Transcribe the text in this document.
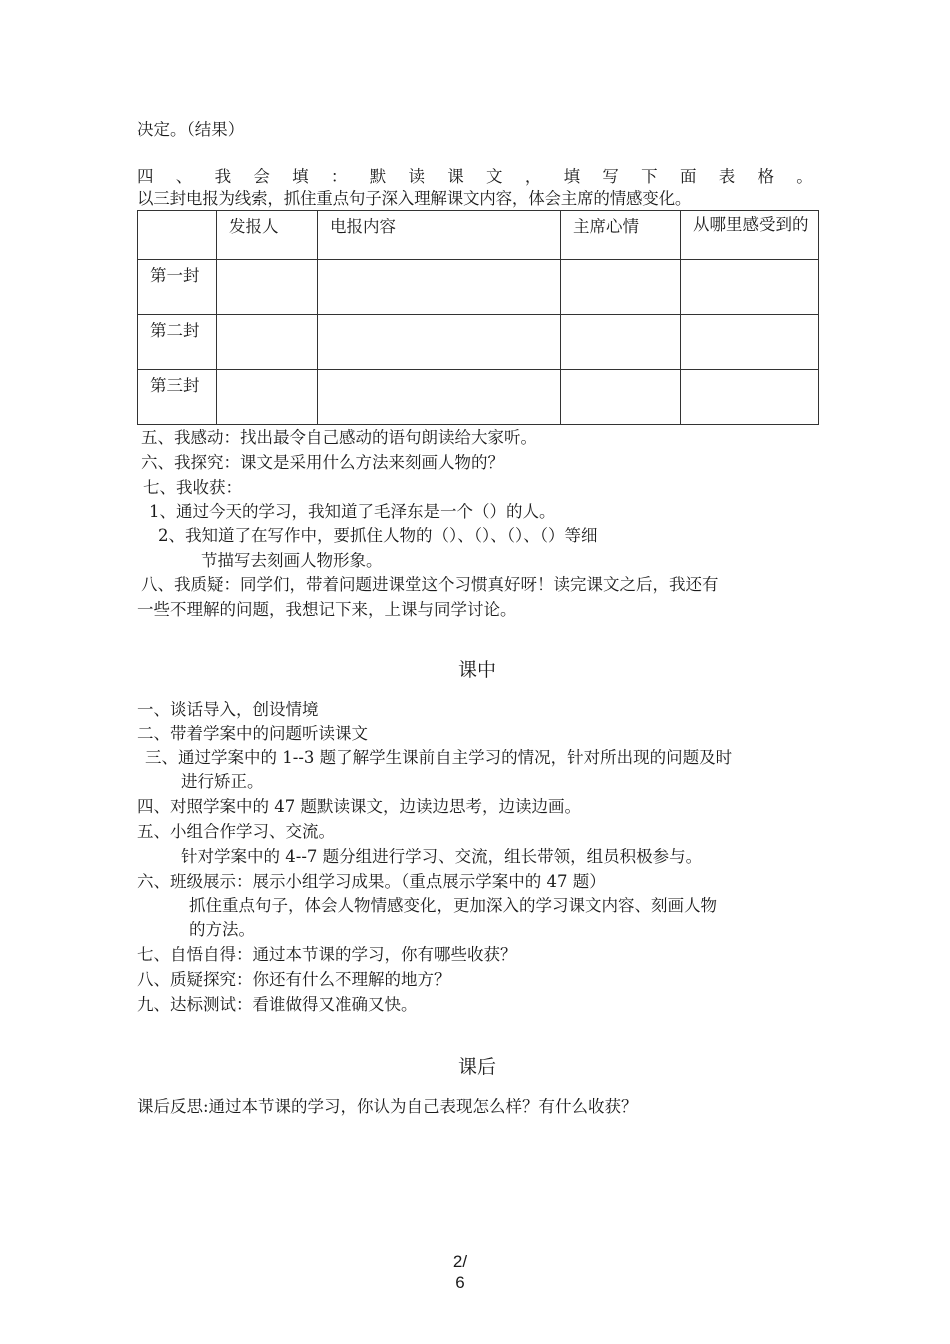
决定。（结果）
四 、 我 会 填 ： 默 读 课 文 ， 填 写 下 面 表 格 。
以三封电报为线索，抓住重点句子深入理解课文内容，体会主席的情感变化。
	发报人	电报内容	主席心情	从哪里感受到的
第一封				
第二封				
第三封				
五、我感动：找出最令自己感动的语句朗读给大家听。
六、我探究：课文是采用什么方法来刻画人物的？
七、我收获：
1、通过今天的学习，我知道了毛泽东是一个（）的人。
2、我知道了在写作中，要抓住人物的（）、（）、（）、（）等细
节描写去刻画人物形象。
八、我质疑：同学们，带着问题进课堂这个习惯真好呀！读完课文之后，我还有
一些不理解的问题，我想记下来，上课与同学讨论。
课中
一、谈话导入，创设情境
二、带着学案中的问题听读课文
三、通过学案中的 1--3 题了解学生课前自主学习的情况，针对所出现的问题及时
进行矫正。
四、对照学案中的 47 题默读课文，边读边思考，边读边画。
五、小组合作学习、交流。
针对学案中的 4--7 题分组进行学习、交流，组长带领，组员积极参与。
六、班级展示：展示小组学习成果。（重点展示学案中的 47 题）
抓住重点句子，体会人物情感变化，更加深入的学习课文内容、刻画人物
的方法。
七、自悟自得：通过本节课的学习，你有哪些收获？
八、质疑探究：你还有什么不理解的地方？
九、达标测试：看谁做得又准确又快。
课后
课后反思:通过本节课的学习，你认为自己表现怎么样？有什么收获？
2/
6
